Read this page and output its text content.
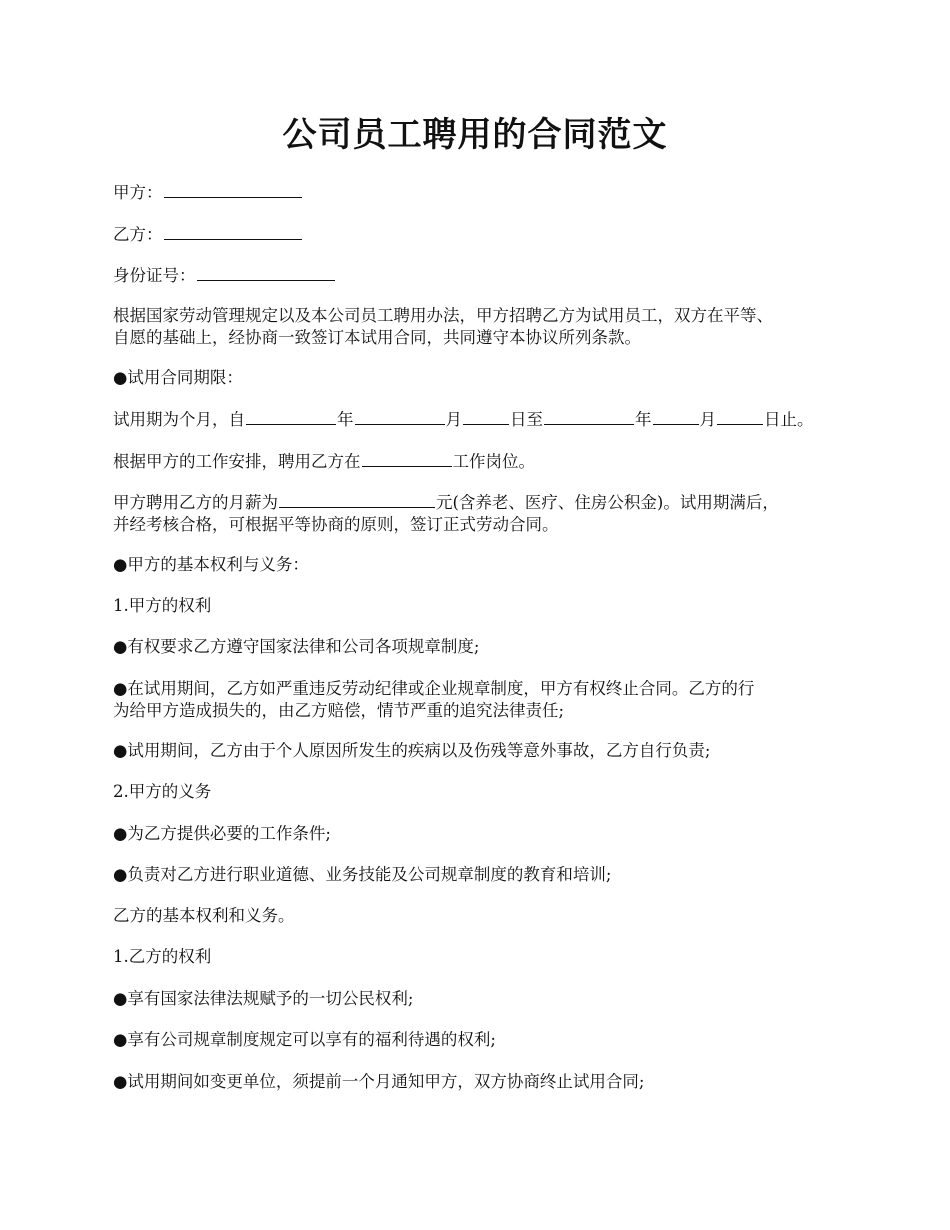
公司员工聘用的合同范文

甲方：

乙方：

身份证号：

根据国家劳动管理规定以及本公司员工聘用办法，甲方招聘乙方为试用员工，双方在平等、
自愿的基础上，经协商一致签订本试用合同，共同遵守本协议所列条款。

●试用合同期限：

试用期为个月，自	年	月	日至	年	月	日止。

根据甲方的工作安排，聘用乙方在	工作岗位。

甲方聘用乙方的月薪为	元(含养老、医疗、住房公积金)。试用期满后，
并经考核合格，可根据平等协商的原则，签订正式劳动合同。

●甲方的基本权利与义务：

1.甲方的权利

●有权要求乙方遵守国家法律和公司各项规章制度;

●在试用期间，乙方如严重违反劳动纪律或企业规章制度，甲方有权终止合同。乙方的行
为给甲方造成损失的，由乙方赔偿，情节严重的追究法律责任;

●试用期间，乙方由于个人原因所发生的疾病以及伤残等意外事故，乙方自行负责;

2.甲方的义务

●为乙方提供必要的工作条件;

●负责对乙方进行职业道德、业务技能及公司规章制度的教育和培训;

乙方的基本权利和义务。

1.乙方的权利

●享有国家法律法规赋予的一切公民权利;

●享有公司规章制度规定可以享有的福利待遇的权利;

●试用期间如变更单位，须提前一个月通知甲方，双方协商终止试用合同;
